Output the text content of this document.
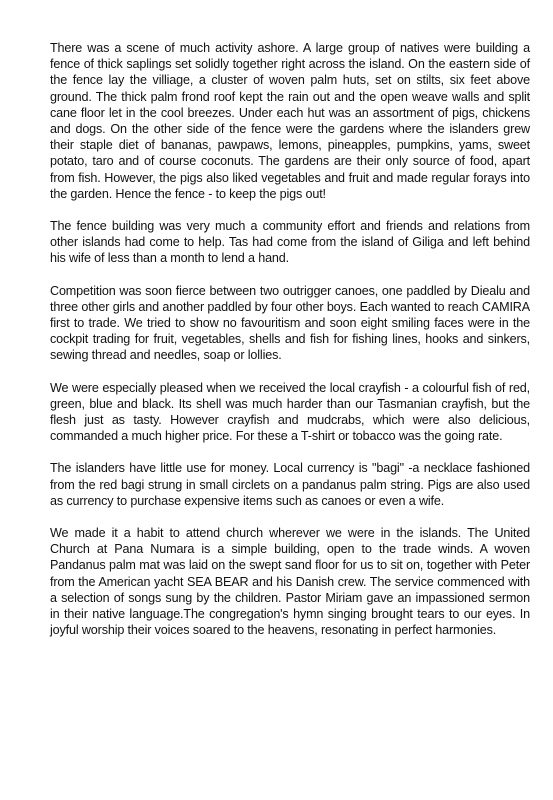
There was a scene of much activity ashore. A large group of natives were building a fence of thick saplings set solidly together right across the island. On the eastern side of the fence lay the villiage, a cluster of woven palm huts, set on stilts, six feet above ground. The thick palm frond roof kept the rain out and the open weave walls and split cane floor let in the cool breezes. Under each hut was an assortment of pigs, chickens and dogs. On the other side of the fence were the gardens where the islanders grew their staple diet of bananas, pawpaws, lemons, pineapples, pumpkins, yams, sweet potato, taro and of course coconuts. The gardens are their only source of food, apart from fish. However, the pigs also liked vegetables and fruit and made regular forays into the garden. Hence the fence - to keep the pigs out!

The fence building was very much a community effort and friends and relations from other islands had come to help. Tas had come from the island of Giliga and left behind his wife of less than a month to lend a hand.

Competition was soon fierce between two outrigger canoes, one paddled by Diealu and three other girls and another paddled by four other boys. Each wanted to reach CAMIRA first to trade. We tried to show no favouritism and soon eight smiling faces were in the cockpit trading for fruit, vegetables, shells and fish for fishing lines, hooks and sinkers, sewing thread and needles, soap or lollies.

We were especially pleased when we received the local crayfish - a colourful fish of red, green, blue and black. Its shell was much harder than our Tasmanian crayfish, but the flesh just as tasty. However crayfish and mudcrabs, which were also delicious, commanded a much higher price. For these a T-shirt or tobacco was the going rate.

The islanders have little use for money. Local currency is "bagi" -a necklace fashioned from the red bagi strung in small circlets on a pandanus palm string. Pigs are also used as currency to purchase expensive items such as canoes or even a wife.

We made it a habit to attend church wherever we were in the islands. The United Church at Pana Numara is a simple building, open to the trade winds. A woven Pandanus palm mat was laid on the swept sand floor for us to sit on, together with Peter from the American yacht SEA BEAR and his Danish crew. The service commenced with a selection of songs sung by the children. Pastor Miriam gave an impassioned sermon in their native language.The congregation's hymn singing brought tears to our eyes. In joyful worship their voices soared to the heavens, resonating in perfect harmonies.
